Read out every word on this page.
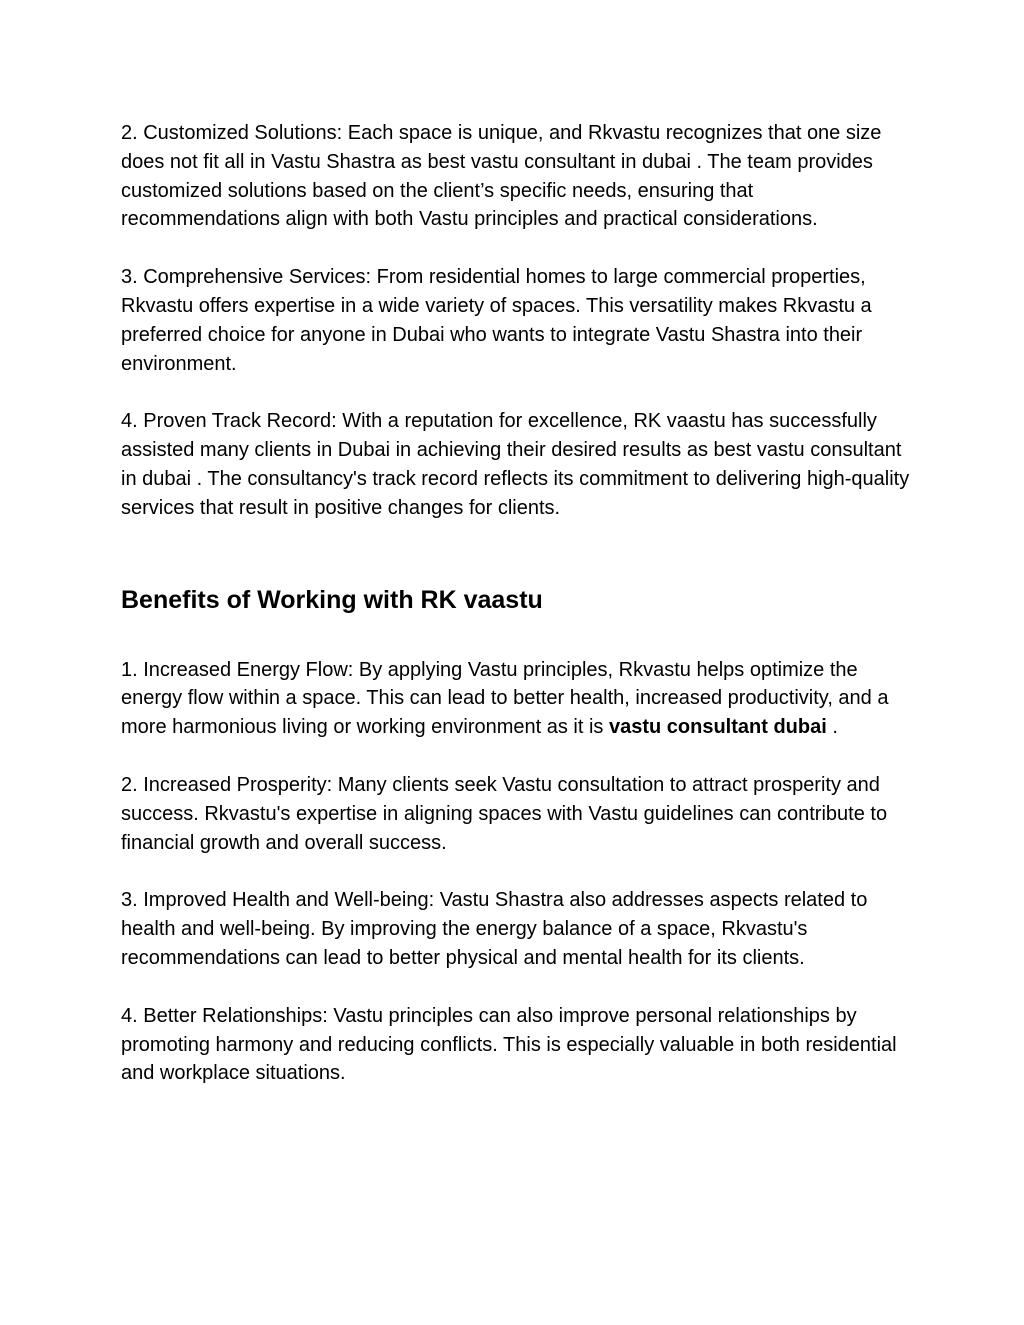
2. Customized Solutions: Each space is unique, and Rkvastu recognizes that one size does not fit all in Vastu Shastra as best vastu consultant in dubai . The team provides customized solutions based on the client’s specific needs, ensuring that recommendations align with both Vastu principles and practical considerations.

3. Comprehensive Services: From residential homes to large commercial properties, Rkvastu offers expertise in a wide variety of spaces. This versatility makes Rkvastu a preferred choice for anyone in Dubai who wants to integrate Vastu Shastra into their environment.

4. Proven Track Record: With a reputation for excellence, RK vaastu has successfully assisted many clients in Dubai in achieving their desired results as best vastu consultant in dubai . The consultancy's track record reflects its commitment to delivering high-quality services that result in positive changes for clients.

Benefits of Working with RK vaastu

1. Increased Energy Flow: By applying Vastu principles, Rkvastu helps optimize the energy flow within a space. This can lead to better health, increased productivity, and a more harmonious living or working environment as it is vastu consultant dubai .

2. Increased Prosperity: Many clients seek Vastu consultation to attract prosperity and success. Rkvastu's expertise in aligning spaces with Vastu guidelines can contribute to financial growth and overall success.

3. Improved Health and Well-being: Vastu Shastra also addresses aspects related to health and well-being. By improving the energy balance of a space, Rkvastu's recommendations can lead to better physical and mental health for its clients.

4. Better Relationships: Vastu principles can also improve personal relationships by promoting harmony and reducing conflicts. This is especially valuable in both residential and workplace situations.
